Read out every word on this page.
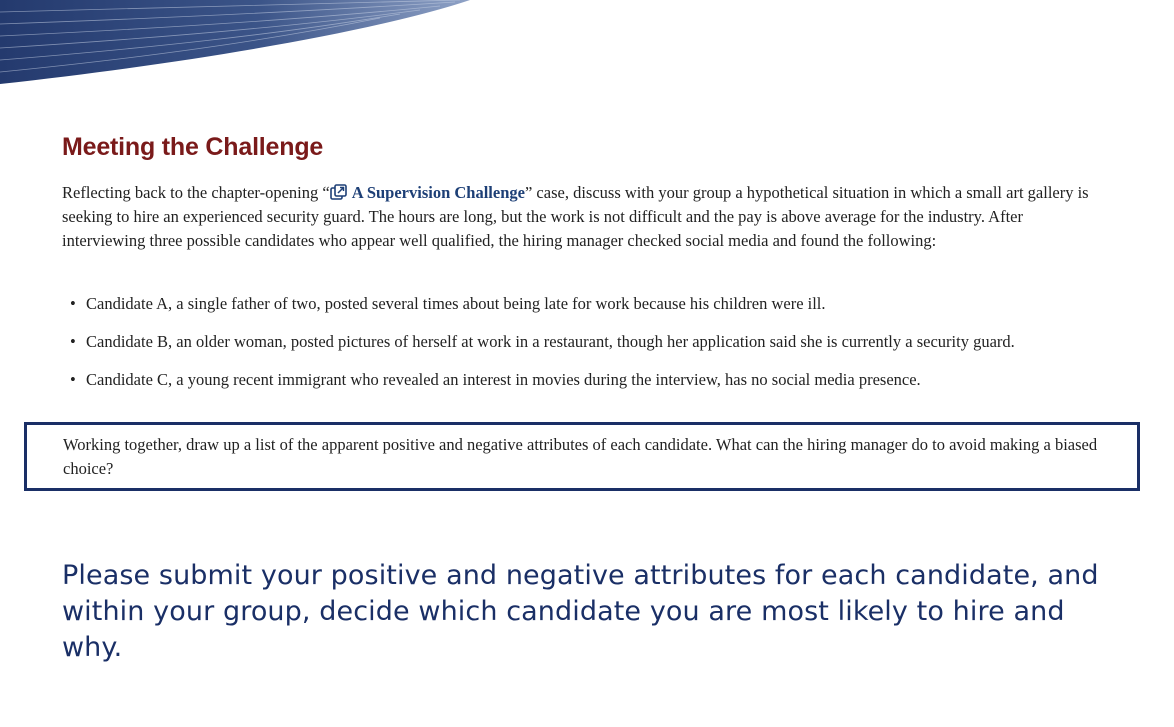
Meeting the Challenge

Reflecting back to the chapter-opening “ A Supervision Challenge” case, discuss with your group a hypothetical situation in which a small art gallery is seeking to hire an experienced security guard. The hours are long, but the work is not difficult and the pay is above average for the industry. After interviewing three possible candidates who appear well qualified, the hiring manager checked social media and found the following:

• Candidate A, a single father of two, posted several times about being late for work because his children were ill.
• Candidate B, an older woman, posted pictures of herself at work in a restaurant, though her application said she is currently a security guard.
• Candidate C, a young recent immigrant who revealed an interest in movies during the interview, has no social media presence.

Working together, draw up a list of the apparent positive and negative attributes of each candidate. What can the hiring manager do to avoid making a biased choice?

Please submit your positive and negative attributes for each candidate, and within your group, decide which candidate you are most likely to hire and why.
